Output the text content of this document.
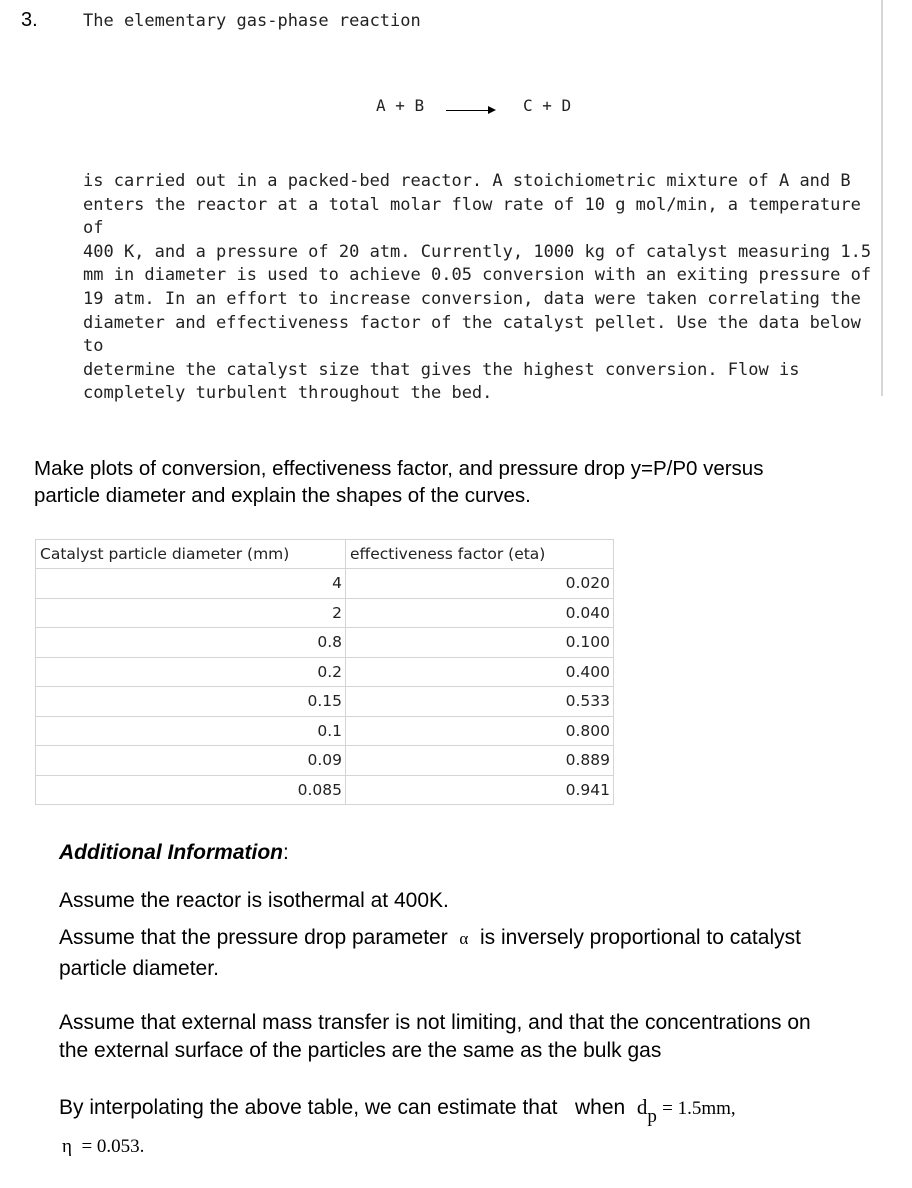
3.	The elementary gas-phase reaction
A + B	C + D
is carried out in a packed-bed reactor. A stoichiometric mixture of A and B
enters the reactor at a total molar flow rate of 10 g mol/min, a temperature of
400 K, and a pressure of 20 atm. Currently, 1000 kg of catalyst measuring 1.5
mm in diameter is used to achieve 0.05 conversion with an exiting pressure of
19 atm. In an effort to increase conversion, data were taken correlating the
diameter and effectiveness factor of the catalyst pellet. Use the data below to
determine the catalyst size that gives the highest conversion. Flow is
completely turbulent throughout the bed.
Make plots of conversion, effectiveness factor, and pressure drop y=P/P0 versus
particle diameter and explain the shapes of the curves.
Catalyst particle diameter (mm)	effectiveness factor (eta)
4	0.020
2	0.040
0.8	0.100
0.2	0.400
0.15	0.533
0.1	0.800
0.09	0.889
0.085	0.941
Additional Information:
Assume the reactor is isothermal at 400K.
Assume that the pressure drop parameter α is inversely proportional to catalyst
particle diameter.
Assume that external mass transfer is not limiting, and that the concentrations on
the external surface of the particles are the same as the bulk gas
By interpolating the above table, we can estimate that when $d_p = 1.5mm$,
η = 0.053.
